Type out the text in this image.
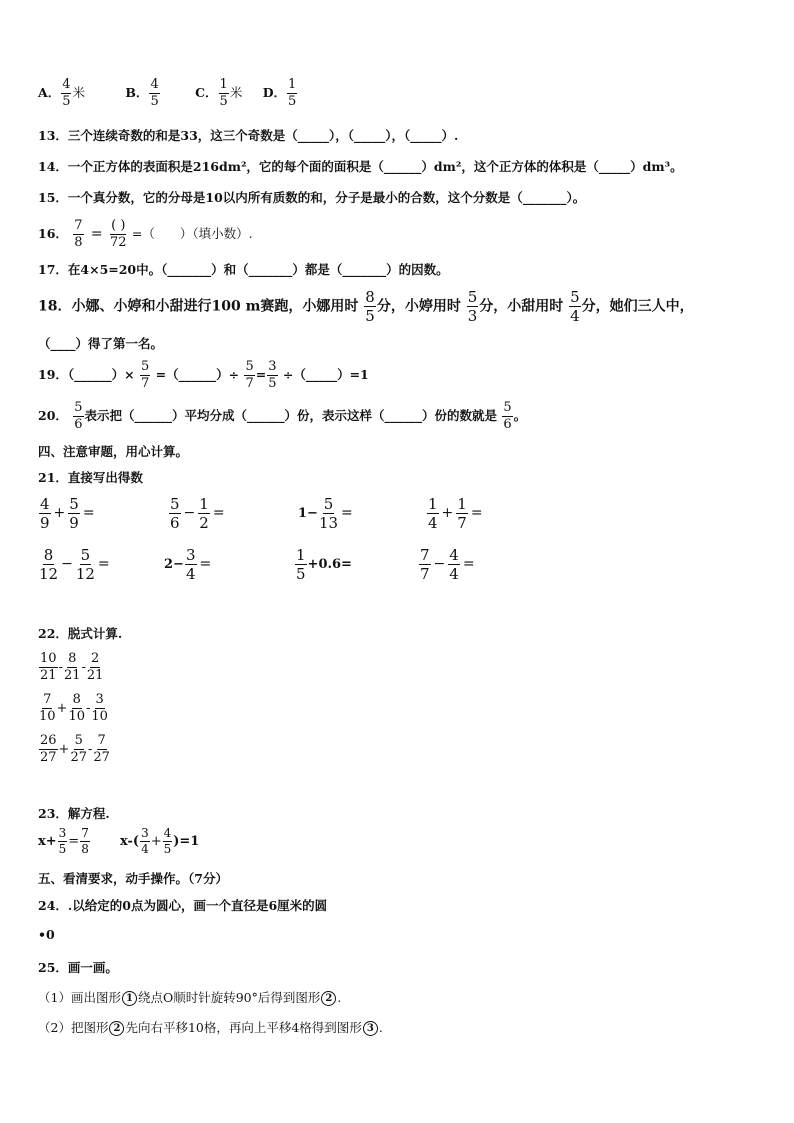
A． $\frac{4}{5}$ 米	B． $\frac{4}{5}$	C． $\frac{1}{5}$ 米 D． $\frac{1}{5}$
13．三个连续奇数的和是33，这三个奇数是（_____），（_____），（_____）.
14．一个正方体的表面积是216dm²，它的每个面的面积是（______）dm²，这个正方体的体积是（_____）dm³。
15．一个真分数，它的分母是10以内所有质数的和，分子是最小的合数，这个分数是（_______）。
16． $\frac{7}{8} = \frac{( )}{72}$ =（　　）（填小数）.
17．在4×5=20中。（_______）和（_______）都是（_______）的因数。
18．小娜、小婷和小甜进行100 m赛跑，小娜用时 $\frac{8}{5}$ 分，小婷用时 $\frac{5}{3}$ 分，小甜用时 $\frac{5}{4}$ 分，她们三人中，
（____）得了第一名。
19．（______）× $\frac{5}{7}$ =（______）÷ $\frac{5}{7} = \frac{3}{5}$ ÷（_____）=1
20． $\frac{5}{6}$ 表示把（______）平均分成（______）份，表示这样（______）份的数就是 $\frac{5}{6}$ 。
四、注意审题，用心计算。
21．直接写出得数
$\frac{4}{9} + \frac{5}{9}$ =	$\frac{5}{6} - \frac{1}{2}$ =	$1- \frac{5}{13}$ =	$\frac{1}{4} + \frac{1}{7}$ =
$\frac{8}{12} - \frac{5}{12}$ =	$2- \frac{3}{4}$ =	$\frac{1}{5} +0.6=$	$\frac{7}{7} - \frac{4}{4}$ =
22．脱式计算.
$\frac{10}{21} - \frac{8}{21} - \frac{2}{21}$
$\frac{7}{10} + \frac{8}{10} - \frac{3}{10}$
$\frac{26}{27} + \frac{5}{27} - \frac{7}{27}$
23．解方程.
$x+ \frac{3}{5} = \frac{7}{8} x-( \frac{3}{4} + \frac{4}{5} )=1$
五、看清要求，动手操作。（7分）
24．.以给定的0点为圆心，画一个直径是6厘米的圆
•0
25．画一画。
（1）画出图形 1 绕点O顺时针旋转90°后得到图形 2 .
（2）把图形 2 先向右平移10格，再向上平移4格得到图形 3 .
